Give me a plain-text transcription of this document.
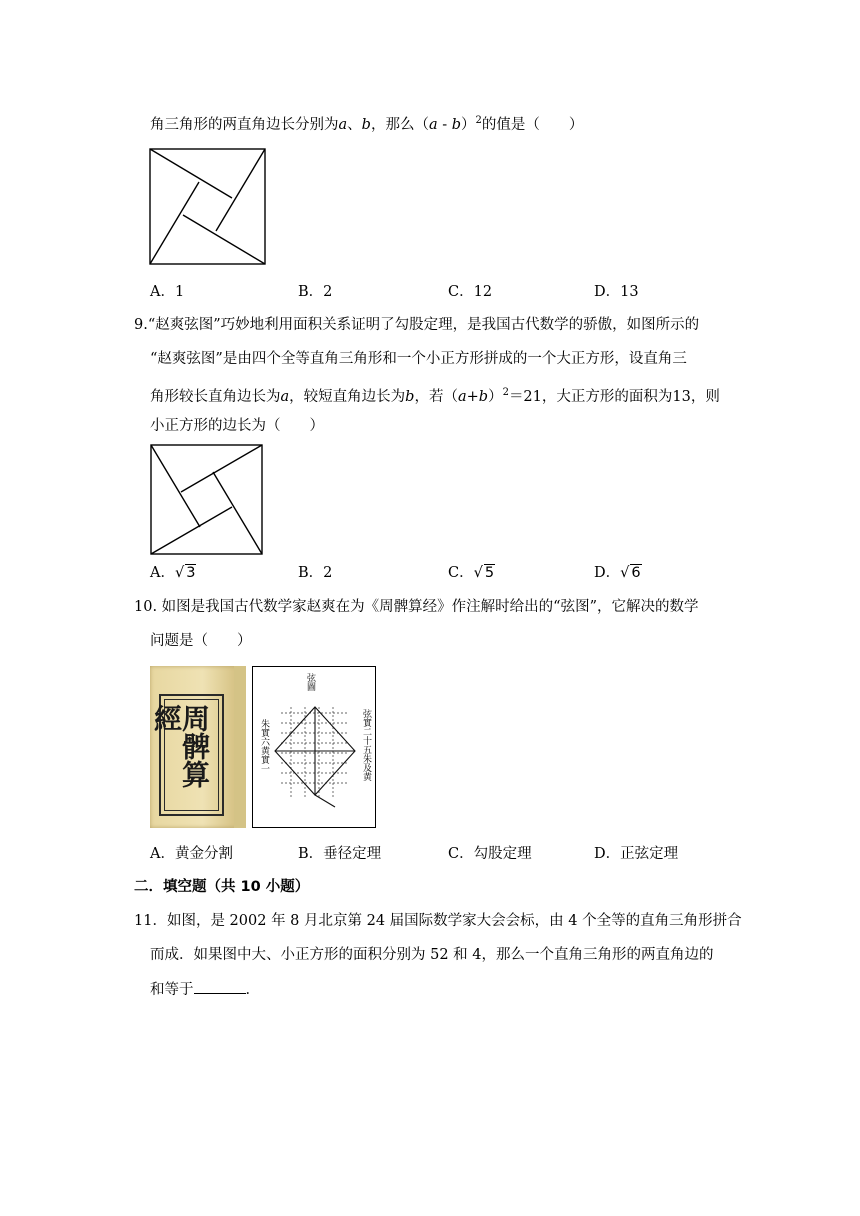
角三角形的两直角边长分别为a、b，那么（a - b）$^2$的值是（　　）
A．1	B．2	C．12	D．13
9.“赵爽弦图”巧妙地利用面积关系证明了勾股定理，是我国古代数学的骄傲，如图所示的
“赵爽弦图”是由四个全等直角三角形和一个小正方形拼成的一个大正方形，设直角三
角形较长直角边长为a，较短直角边长为b，若$(a+b)^2=21$，大正方形的面积为13，则
小正方形的边长为（　　）
A．√ 3	B．2	C．√ 5	D．√ 6
10. 如图是我国古代数学家赵爽在为《周髀算经》作注解时给出的“弦图”，它解决的数学
问题是（　　）
周髀算經
弦圖
朱實六黄實一	弦實二十五朱及黄
A．黄金分割	B．垂径定理	C．勾股定理	D．正弦定理
二．填空题（共 10 小题）
11．如图，是 2002 年 8 月北京第 24 届国际数学家大会会标，由 4 个全等的直角三角形拼合
而成．如果图中大、小正方形的面积分别为 52 和 4，那么一个直角三角形的两直角边的
和等于	．
